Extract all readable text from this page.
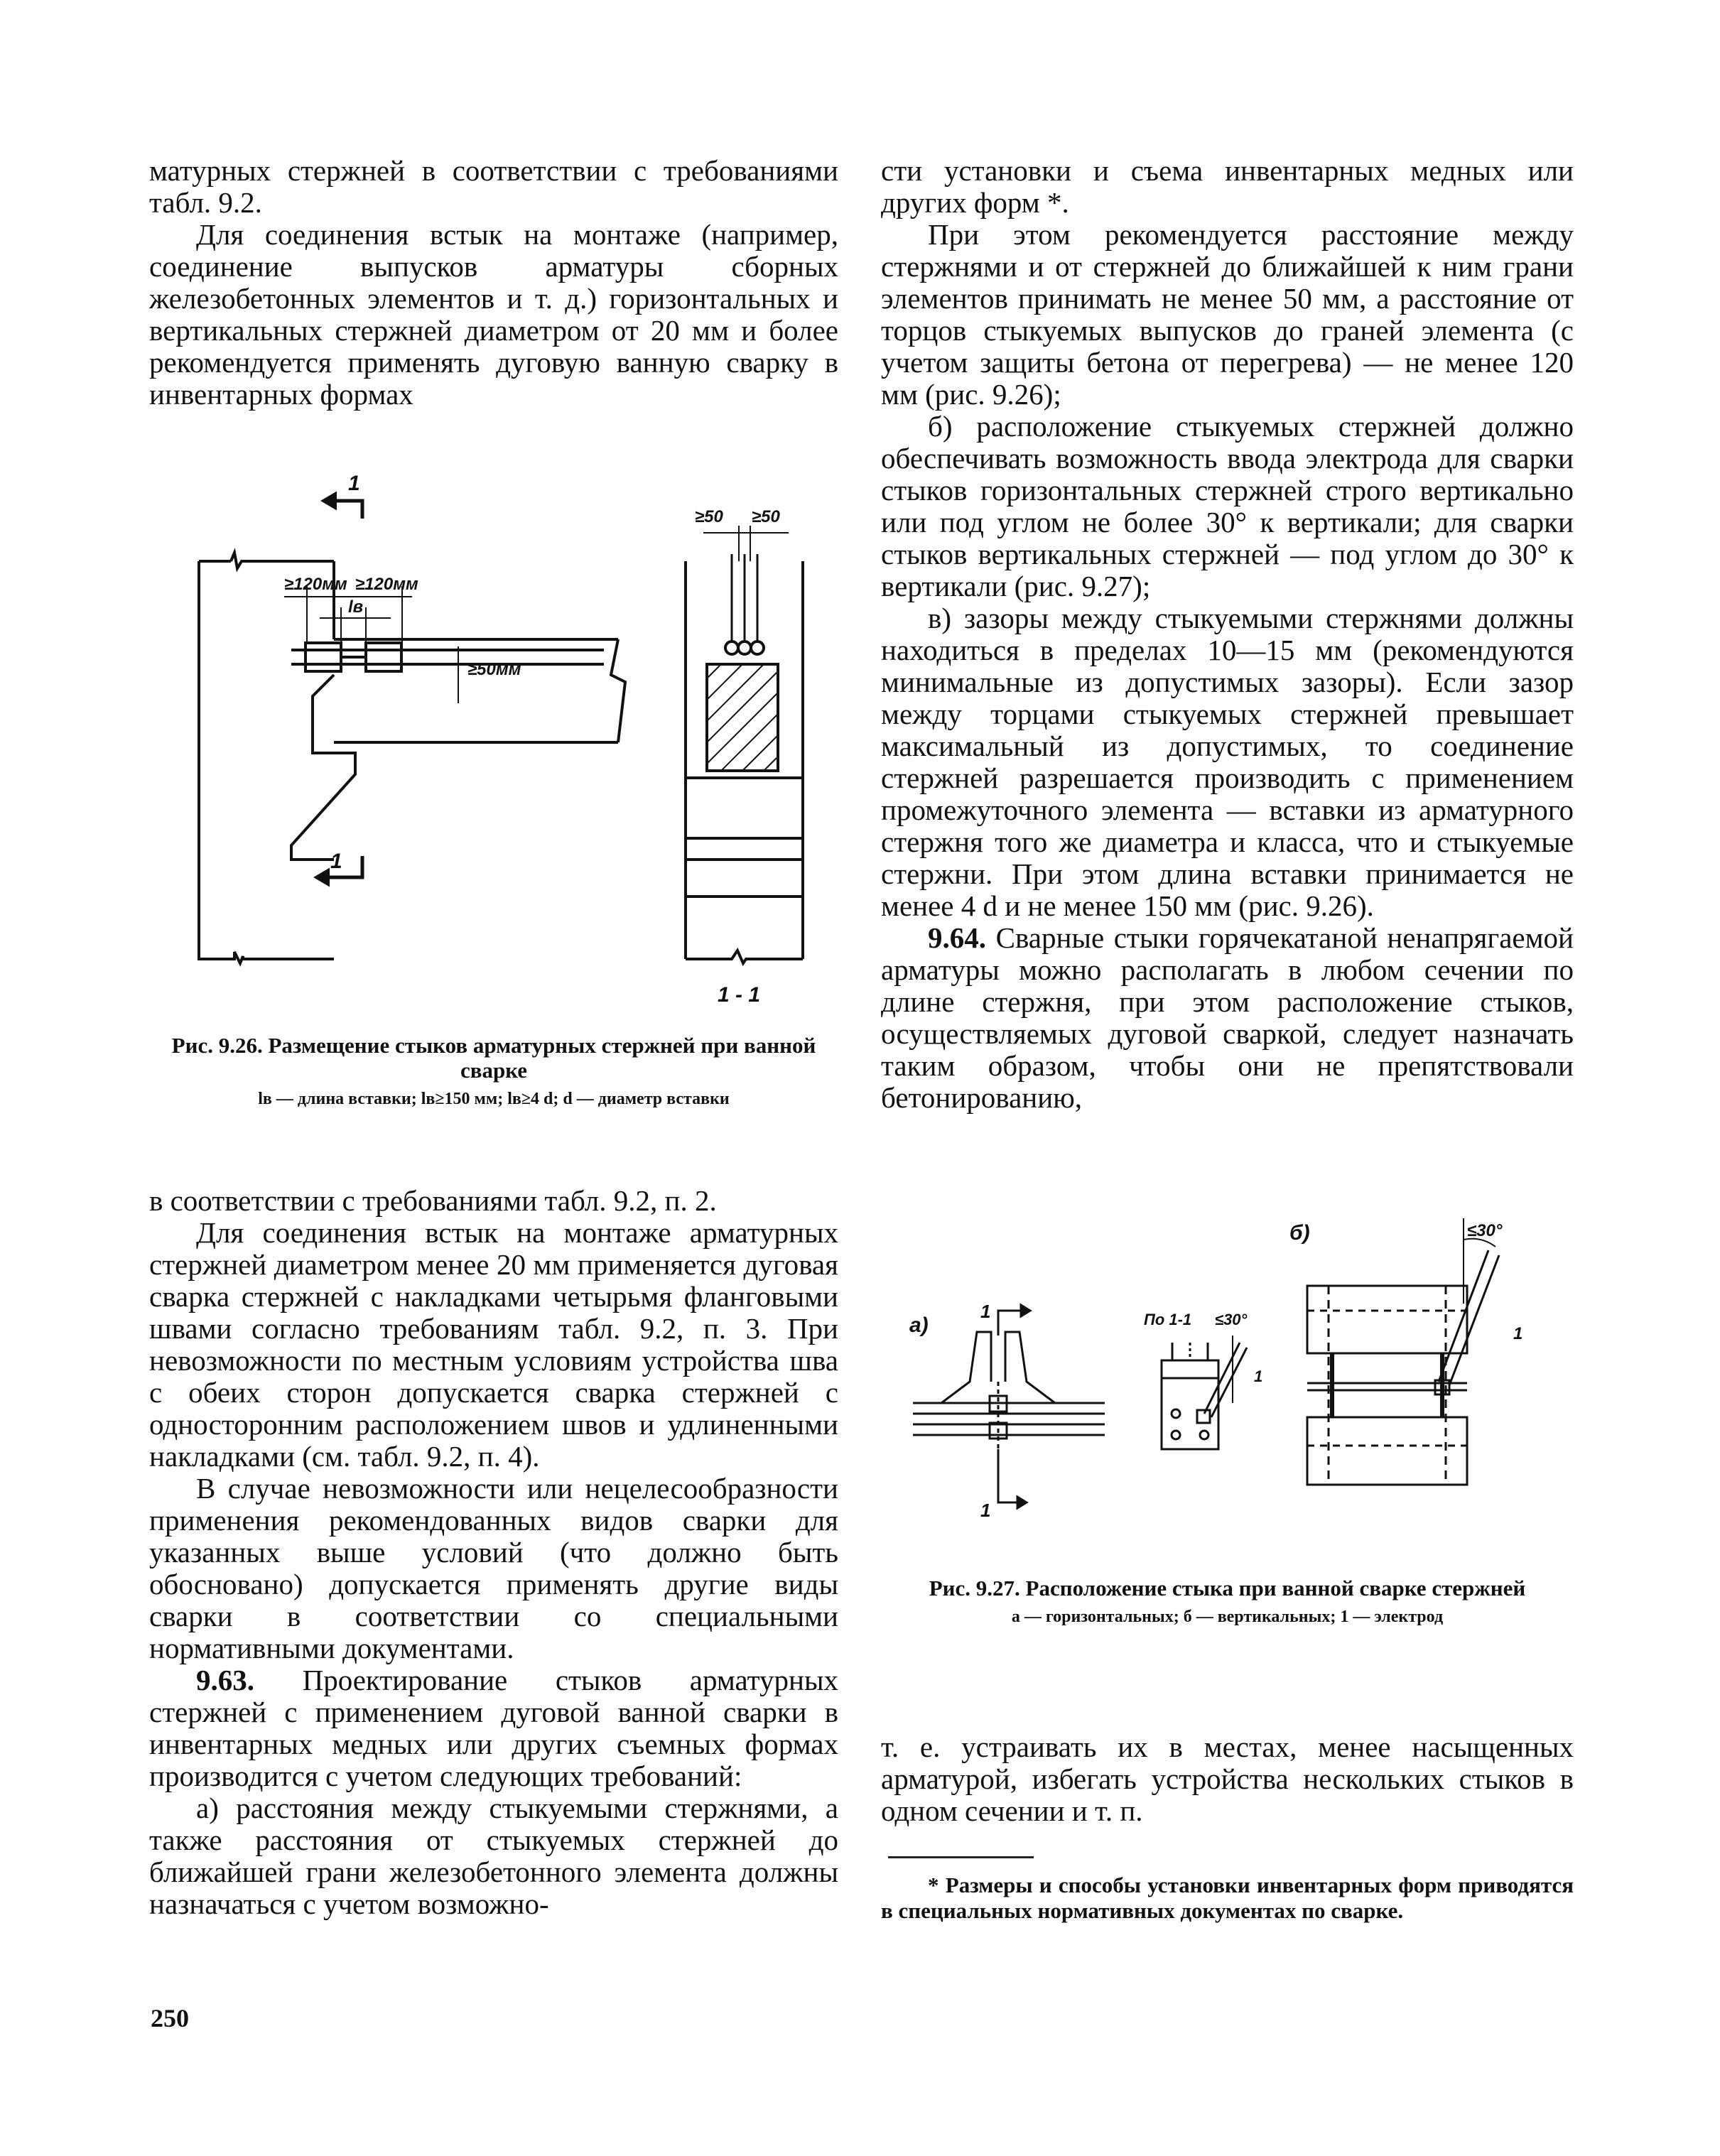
матурных стержней в соответствии с требованиями табл. 9.2.

Для соединения встык на монтаже (например, соединение выпусков арматуры сборных железобетонных элементов и т. д.) горизонтальных и вертикальных стержней диаметром от 20 мм и более рекомендуется применять дуговую ванную сварку в инвентарных формах

1
1
≥120мм ≥120мм
lв
≥50мм
≥50 ≥50
1 - 1
Рис. 9.26. Размещение стыков арматурных стержней при ванной сварке
lв — длина вставки; lв≥150 мм; lв≥4 d; d — диаметр вставки

в соответствии с требованиями табл. 9.2, п. 2.

Для соединения встык на монтаже арматурных стержней диаметром менее 20 мм применяется дуговая сварка стержней с накладками четырьмя фланговыми швами согласно требованиям табл. 9.2, п. 3. При невозможности по местным условиям устройства шва с обеих сторон допускается сварка стержней с односторонним расположением швов и удлиненными накладками (см. табл. 9.2, п. 4).

В случае невозможности или нецелесообразности применения рекомендованных видов сварки для указанных выше условий (что должно быть обосновано) допускается применять другие виды сварки в соответствии со специальными нормативными документами.

9.63. Проектирование стыков арматурных стержней с применением дуговой ванной сварки в инвентарных медных или других съемных формах производится с учетом следующих требований:

а) расстояния между стыкуемыми стержнями, а также расстояния от стыкуемых стержней до ближайшей грани железобетонного элемента должны назначаться с учетом возможно-

сти установки и съема инвентарных медных или других форм *.

При этом рекомендуется расстояние между стержнями и от стержней до ближайшей к ним грани элементов принимать не менее 50 мм, а расстояние от торцов стыкуемых выпусков до граней элемента (с учетом защиты бетона от перегрева) — не менее 120 мм (рис. 9.26);

б) расположение стыкуемых стержней должно обеспечивать возможность ввода электрода для сварки стыков горизонтальных стержней строго вертикально или под углом не более 30° к вертикали; для сварки стыков вертикальных стержней — под углом до 30° к вертикали (рис. 9.27);

в) зазоры между стыкуемыми стержнями должны находиться в пределах 10—15 мм (рекомендуются минимальные из допустимых зазоры). Если зазор между торцами стыкуемых стержней превышает максимальный из допустимых, то соединение стержней разрешается производить с применением промежуточного элемента — вставки из арматурного стержня того же диаметра и класса, что и стыкуемые стержни. При этом длина вставки принимается не менее 4 d и не менее 150 мм (рис. 9.26).

9.64. Сварные стыки горячекатаной ненапрягаемой арматуры можно располагать в любом сечении по длине стержня, при этом расположение стыков, осуществляемых дуговой сваркой, следует назначать таким образом, чтобы они не препятствовали бетонированию,

а)
б)
1
1
По 1-1 ≤30°
1
≤30°
1
Рис. 9.27. Расположение стыка при ванной сварке стержней
а — горизонтальных; б — вертикальных; 1 — электрод

т. е. устраивать их в местах, менее насыщенных арматурой, избегать устройства нескольких стыков в одном сечении и т. п.

* Размеры и способы установки инвентарных форм приводятся в специальных нормативных документах по сварке.
250
